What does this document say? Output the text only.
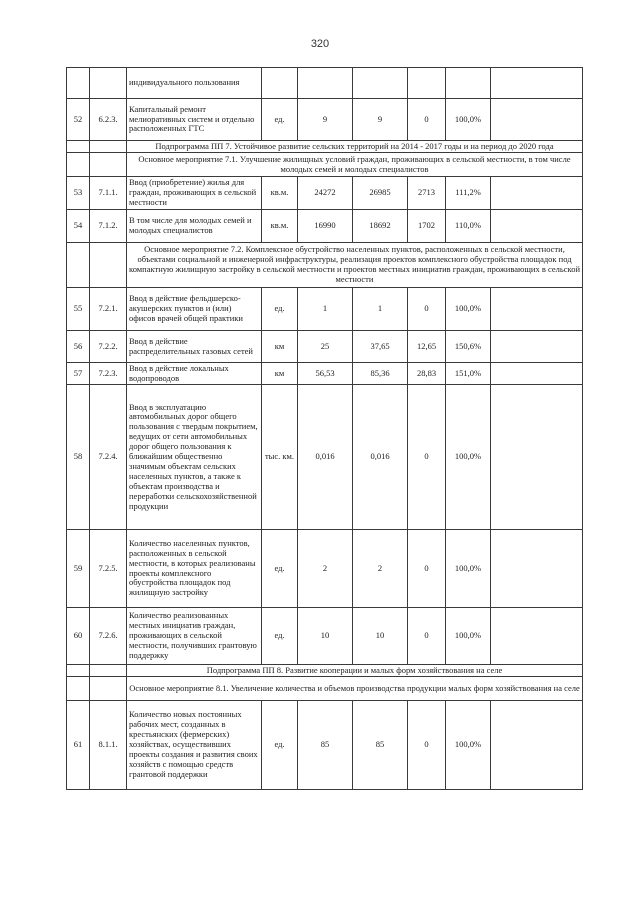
320
		индивидуального пользования						
52	6.2.3.	Капитальный ремонт мелиоративных систем и отдельно расположенных ГТС	ед.	9	9	0	100,0%	
		Подпрограмма ПП 7. Устойчивое развитие сельских территорий на 2014 - 2017 годы и на период до 2020 года						
		Основное мероприятие 7.1. Улучшение жилищных условий граждан, проживающих в сельской местности, в том числе молодых семей и молодых специалистов						
53	7.1.1.	Ввод (приобретение) жилья для граждан, проживающих в сельской местности	кв.м.	24272	26985	2713	111,2%	
54	7.1.2.	В том числе для молодых семей и молодых специалистов	кв.м.	16990	18692	1702	110,0%	
		Основное мероприятие 7.2. Комплексное обустройство населенных пунктов, расположенных в сельской местности, объектами социальной и инженерной инфраструктуры, реализация проектов комплексного обустройства площадок под компактную жилищную застройку в сельской местности и проектов местных инициатив граждан, проживающих в сельской местности						
55	7.2.1.	Ввод в действие фельдшерско-акушерских пунктов и (или) офисов врачей общей практики	ед.	1	1	0	100,0%	
56	7.2.2.	Ввод в действие распределительных газовых сетей	км	25	37,65	12,65	150,6%	
57	7.2.3.	Ввод в действие локальных водопроводов	км	56,53	85,36	28,83	151,0%	
58	7.2.4.	Ввод в эксплуатацию автомобильных дорог общего пользования с твердым покрытием, ведущих от сети автомобильных дорог общего пользования к ближайшим общественно значимым объектам сельских населенных пунктов, а также к объектам производства и переработки сельскохозяйственной продукции	тыс. км.	0,016	0,016	0	100,0%	
59	7.2.5.	Количество населенных пунктов, расположенных в сельской местности, в которых реализованы проекты комплексного обустройства площадок под жилищную застройку	ед.	2	2	0	100,0%	
60	7.2.6.	Количество реализованных местных инициатив граждан, проживающих в сельской местности, получивших грантовую поддержку	ед.	10	10	0	100,0%	
		Подпрограмма ПП 8. Развитие кооперации и малых форм хозяйствования на селе						
		Основное мероприятие 8.1. Увеличение количества и объемов производства продукции малых форм хозяйствования на селе						
61	8.1.1.	Количество новых постоянных рабочих мест, созданных в крестьянских (фермерских) хозяйствах, осуществивших проекты создания и развития своих хозяйств с помощью средств грантовой поддержки	ед.	85	85	0	100,0%	
